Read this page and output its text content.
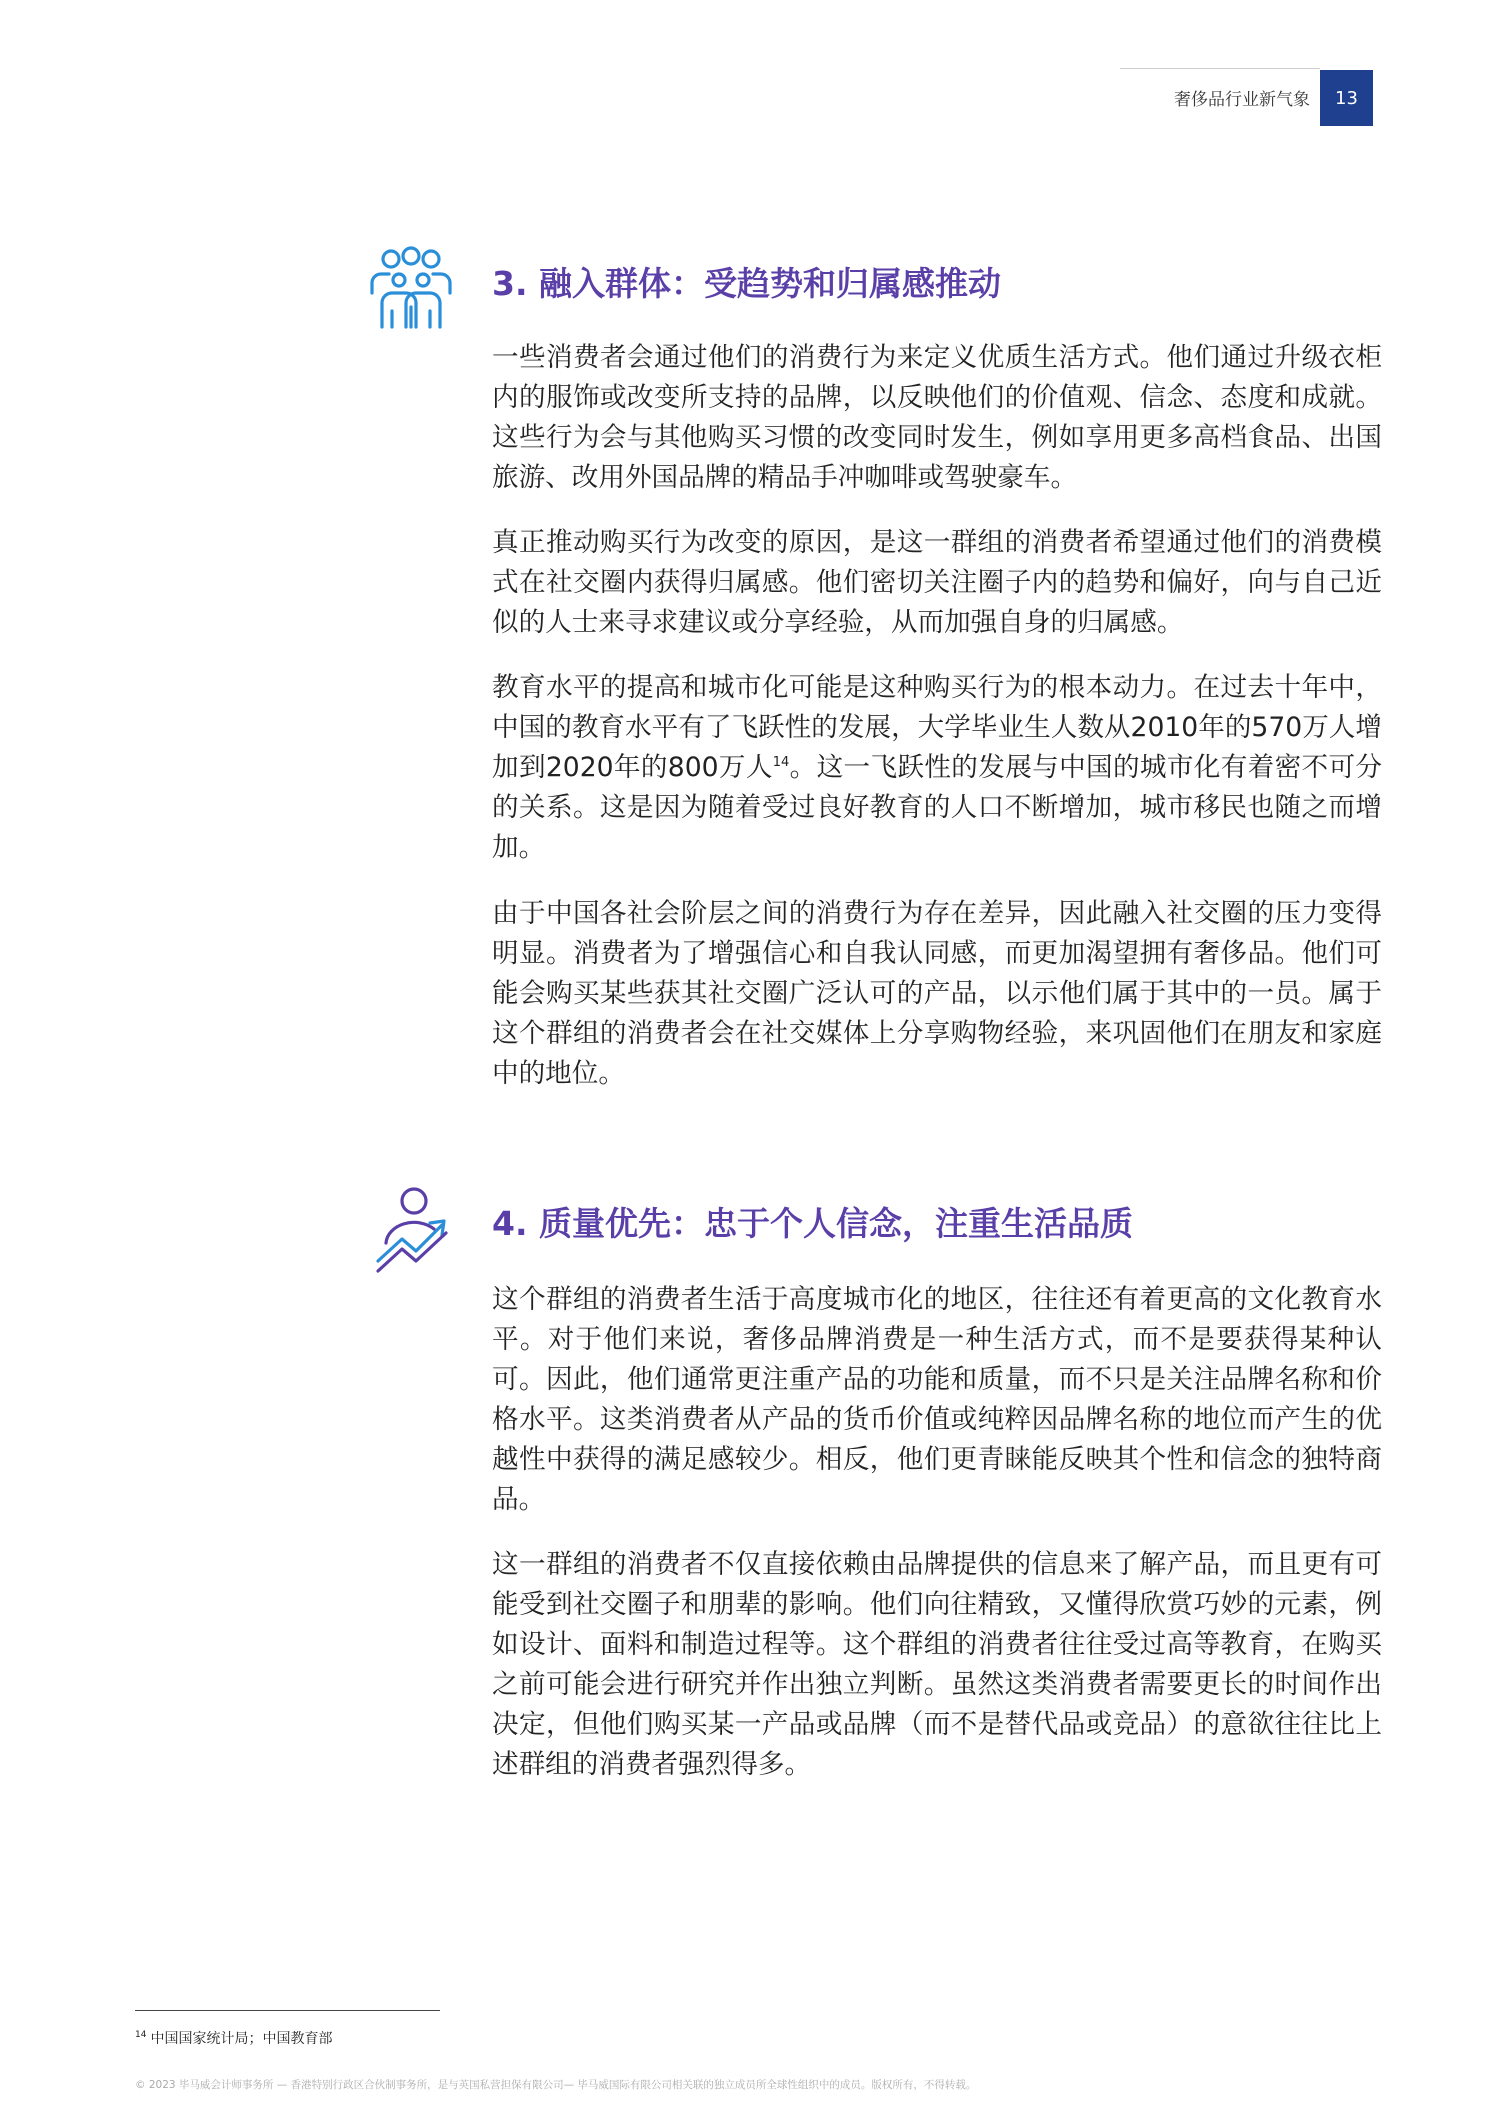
奢侈品行业新气象 13
3. 融入群体：受趋势和归属感推动

一些消费者会通过他们的消费行为来定义优质生活方式。他们通过升级衣柜内的服饰或改变所支持的品牌，以反映他们的价值观、信念、态度和成就。这些行为会与其他购买习惯的改变同时发生，例如享用更多高档食品、出国旅游、改用外国品牌的精品手冲咖啡或驾驶豪车。

真正推动购买行为改变的原因，是这一群组的消费者希望通过他们的消费模式在社交圈内获得归属感。他们密切关注圈子内的趋势和偏好，向与自己近似的人士来寻求建议或分享经验，从而加强自身的归属感。

教育水平的提高和城市化可能是这种购买行为的根本动力。在过去十年中，中国的教育水平有了飞跃性的发展，大学毕业生人数从2010年的570万人增加到2020年的800万人$^{14}$。这一飞跃性的发展与中国的城市化有着密不可分的关系。这是因为随着受过良好教育的人口不断增加，城市移民也随之而增加。

由于中国各社会阶层之间的消费行为存在差异，因此融入社交圈的压力变得明显。消费者为了增强信心和自我认同感，而更加渴望拥有奢侈品。他们可能会购买某些获其社交圈广泛认可的产品，以示他们属于其中的一员。属于这个群组的消费者会在社交媒体上分享购物经验，来巩固他们在朋友和家庭中的地位。

4. 质量优先：忠于个人信念，注重生活品质

这个群组的消费者生活于高度城市化的地区，往往还有着更高的文化教育水平。对于他们来说，奢侈品牌消费是一种生活方式，而不是要获得某种认可。因此，他们通常更注重产品的功能和质量，而不只是关注品牌名称和价格水平。这类消费者从产品的货币价值或纯粹因品牌名称的地位而产生的优越性中获得的满足感较少。相反，他们更青睐能反映其个性和信念的独特商品。

这一群组的消费者不仅直接依赖由品牌提供的信息来了解产品，而且更有可能受到社交圈子和朋辈的影响。他们向往精致，又懂得欣赏巧妙的元素，例如设计、面料和制造过程等。这个群组的消费者往往受过高等教育，在购买之前可能会进行研究并作出独立判断。虽然这类消费者需要更长的时间作出决定，但他们购买某一产品或品牌（而不是替代品或竞品）的意欲往往比上述群组的消费者强烈得多。

$^{14}$ 中国国家统计局；中国教育部
© 2023 毕马威会计师事务所 — 香港特别行政区合伙制事务所，是与英国私营担保有限公司— 毕马威国际有限公司相关联的独立成员所全球性组织中的成员。版权所有，不得转载。
